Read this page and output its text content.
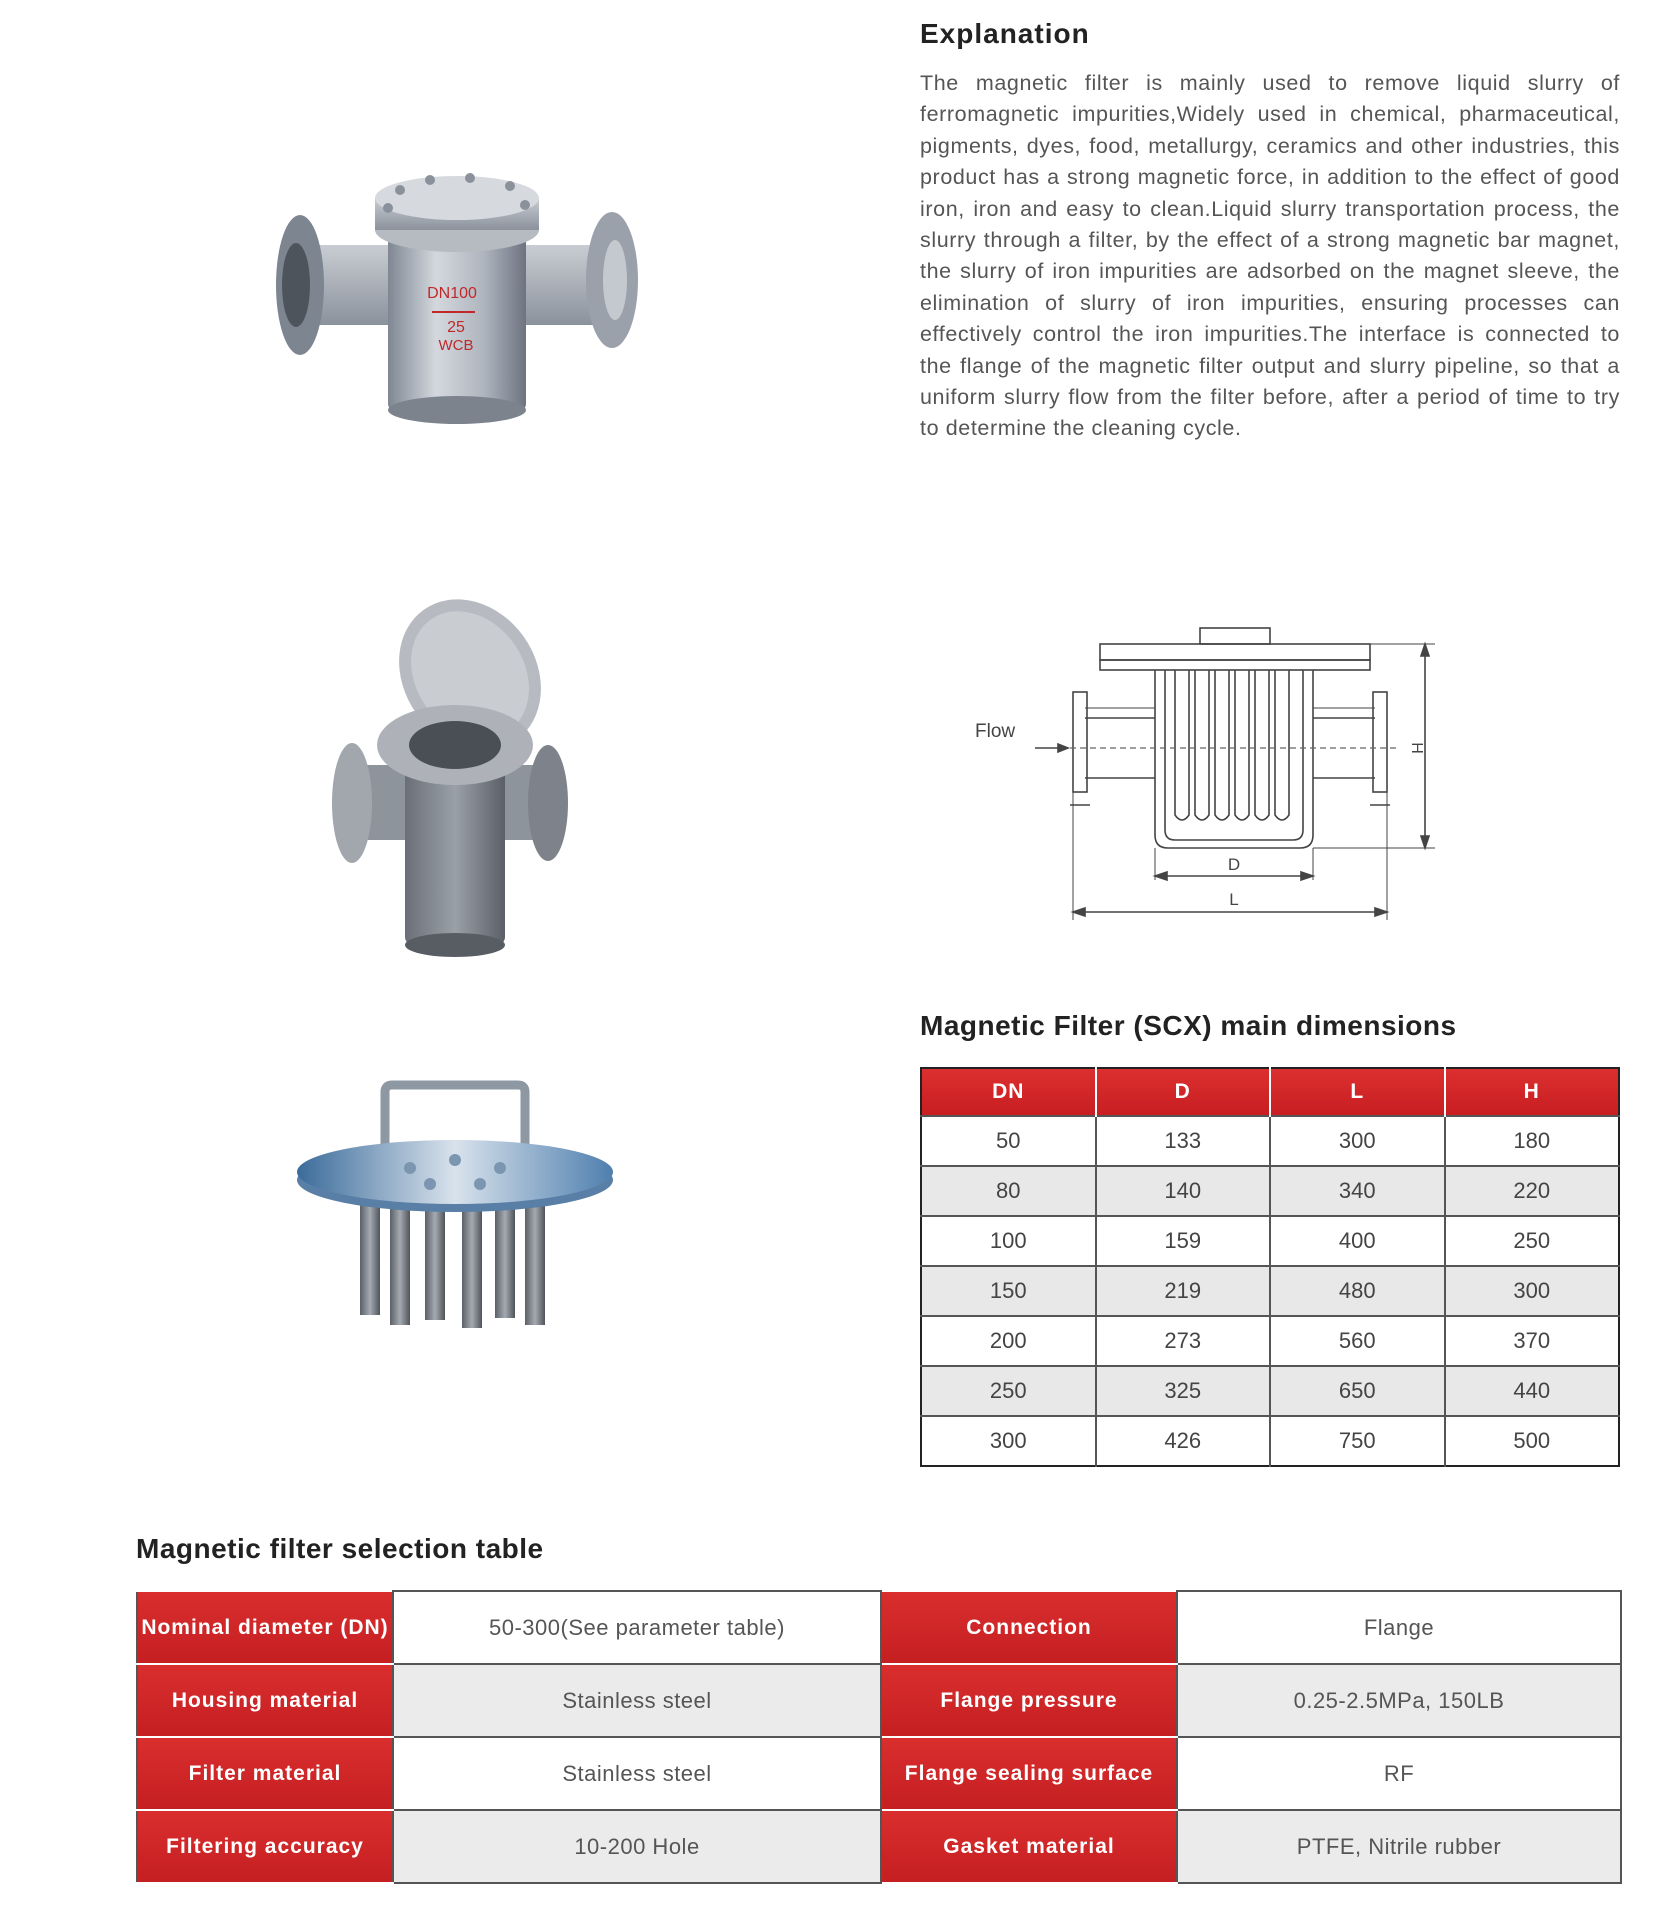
Explanation
The magnetic filter is mainly used to remove liquid slurry of ferromagnetic impurities,Widely used in chemical, pharmaceutical, pigments, dyes, food, metallurgy, ceramics and other industries, this product has a strong magnetic force, in addition to the effect of good iron, iron and easy to clean.Liquid slurry transportation process, the slurry through a filter, by the effect of a strong magnetic bar magnet, the slurry of iron impurities are adsorbed on the magnet sleeve, the elimination of slurry of iron impurities, ensuring processes can effectively control the iron impurities.The interface is connected to the flange of the magnetic filter output and slurry pipeline, so that a uniform slurry flow from the filter before, after a period of time to try to determine the cleaning cycle.
DN100
25
WCB
Flow
H
D
L
Magnetic Filter (SCX) main dimensions
DN	D	L	H
50	133	300	180
80	140	340	220
100	159	400	250
150	219	480	300
200	273	560	370
250	325	650	440
300	426	750	500
Magnetic filter selection table
Nominal diameter (DN)	50-300(See parameter table)	Connection	Flange
Housing material	Stainless steel	Flange pressure	0.25-2.5MPa, 150LB
Filter material	Stainless steel	Flange sealing surface	RF
Filtering accuracy	10-200 Hole	Gasket material	PTFE, Nitrile rubber
